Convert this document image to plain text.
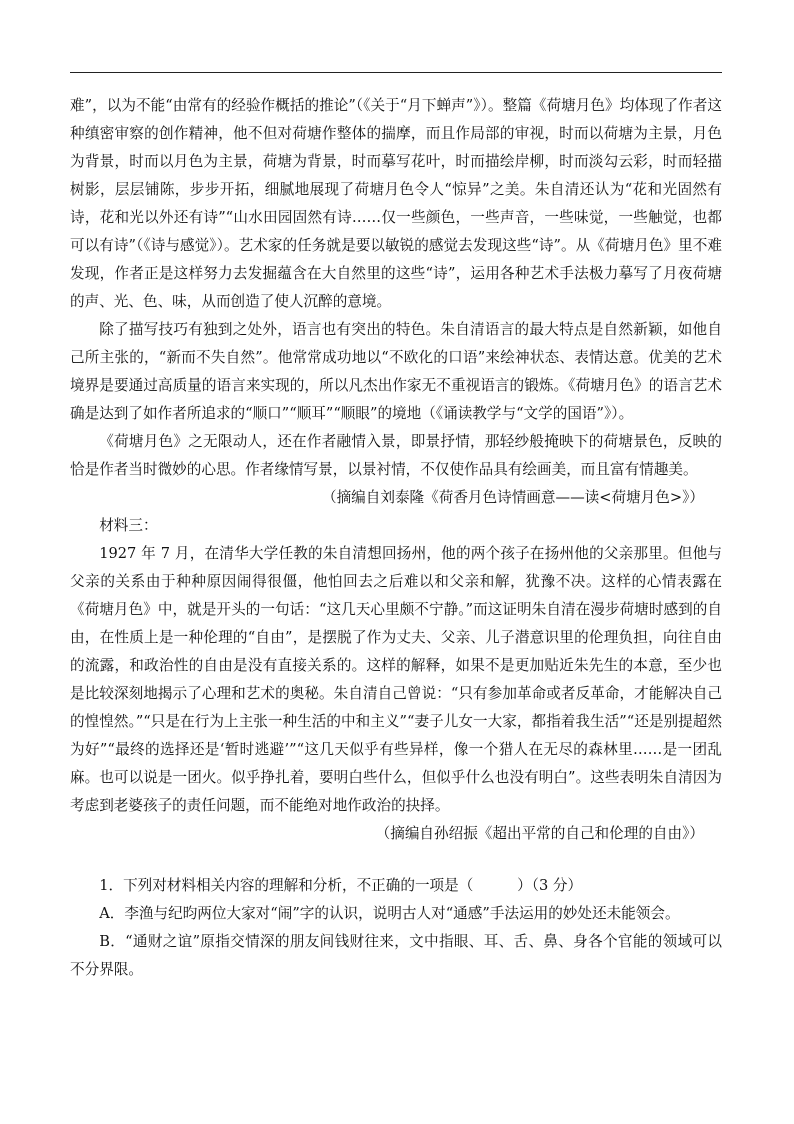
难”，以为不能“由常有的经验作概括的推论”（《关于“月下蝉声”》）。整篇《荷塘月色》均体现了作者这种缜密审察的创作精神，他不但对荷塘作整体的揣摩，而且作局部的审视，时而以荷塘为主景，月色为背景，时而以月色为主景，荷塘为背景，时而摹写花叶，时而描绘岸柳，时而淡勾云彩，时而轻描树影，层层铺陈，步步开拓，细腻地展现了荷塘月色令人“惊异”之美。朱自清还认为“花和光固然有诗，花和光以外还有诗”“山水田园固然有诗……仅一些颜色，一些声音，一些味觉，一些触觉，也都可以有诗”（《诗与感觉》）。艺术家的任务就是要以敏锐的感觉去发现这些“诗”。从《荷塘月色》里不难发现，作者正是这样努力去发掘蕴含在大自然里的这些“诗”，运用各种艺术手法极力摹写了月夜荷塘的声、光、色、味，从而创造了使人沉醉的意境。

除了描写技巧有独到之处外，语言也有突出的特色。朱自清语言的最大特点是自然新颖，如他自己所主张的，“新而不失自然”。他常常成功地以“不欧化的口语”来绘神状态、表情达意。优美的艺术境界是要通过高质量的语言来实现的，所以凡杰出作家无不重视语言的锻炼。《荷塘月色》的语言艺术确是达到了如作者所追求的“顺口”“顺耳”“顺眼”的境地（《诵读教学与“文学的国语”》）。

《荷塘月色》之无限动人，还在作者融情入景，即景抒情，那轻纱般掩映下的荷塘景色，反映的恰是作者当时微妙的心思。作者缘情写景，以景衬情，不仅使作品具有绘画美，而且富有情趣美。

（摘编自刘泰隆《荷香月色诗情画意——读<荷塘月色>》）

材料三：

1927 年 7 月，在清华大学任教的朱自清想回扬州，他的两个孩子在扬州他的父亲那里。但他与父亲的关系由于种种原因闹得很僵，他怕回去之后难以和父亲和解，犹豫不决。这样的心情表露在《荷塘月色》中，就是开头的一句话：“这几天心里颇不宁静。”而这证明朱自清在漫步荷塘时感到的自由，在性质上是一种伦理的“自由”，是摆脱了作为丈夫、父亲、儿子潜意识里的伦理负担，向往自由的流露，和政治性的自由是没有直接关系的。这样的解释，如果不是更加贴近朱先生的本意，至少也是比较深刻地揭示了心理和艺术的奥秘。朱自清自己曾说：“只有参加革命或者反革命，才能解决自己的惶惶然。”“只是在行为上主张一种生活的中和主义”“妻子儿女一大家，都指着我生活”“还是别提超然为好”“最终的选择还是‘暂时逃避’”“这几天似乎有些异样，像一个猎人在无尽的森林里……是一团乱麻。也可以说是一团火。似乎挣扎着，要明白些什么，但似乎什么也没有明白”。这些表明朱自清因为考虑到老婆孩子的责任问题，而不能绝对地作政治的抉择。

（摘编自孙绍振《超出平常的自己和伦理的自由》）

1．下列对材料相关内容的理解和分析，不正确的一项是（　　　）（3 分）

A．李渔与纪昀两位大家对“闹”字的认识，说明古人对“通感”手法运用的妙处还未能领会。

B．“通财之谊”原指交情深的朋友间钱财往来，文中指眼、耳、舌、鼻、身各个官能的领域可以不分界限。
